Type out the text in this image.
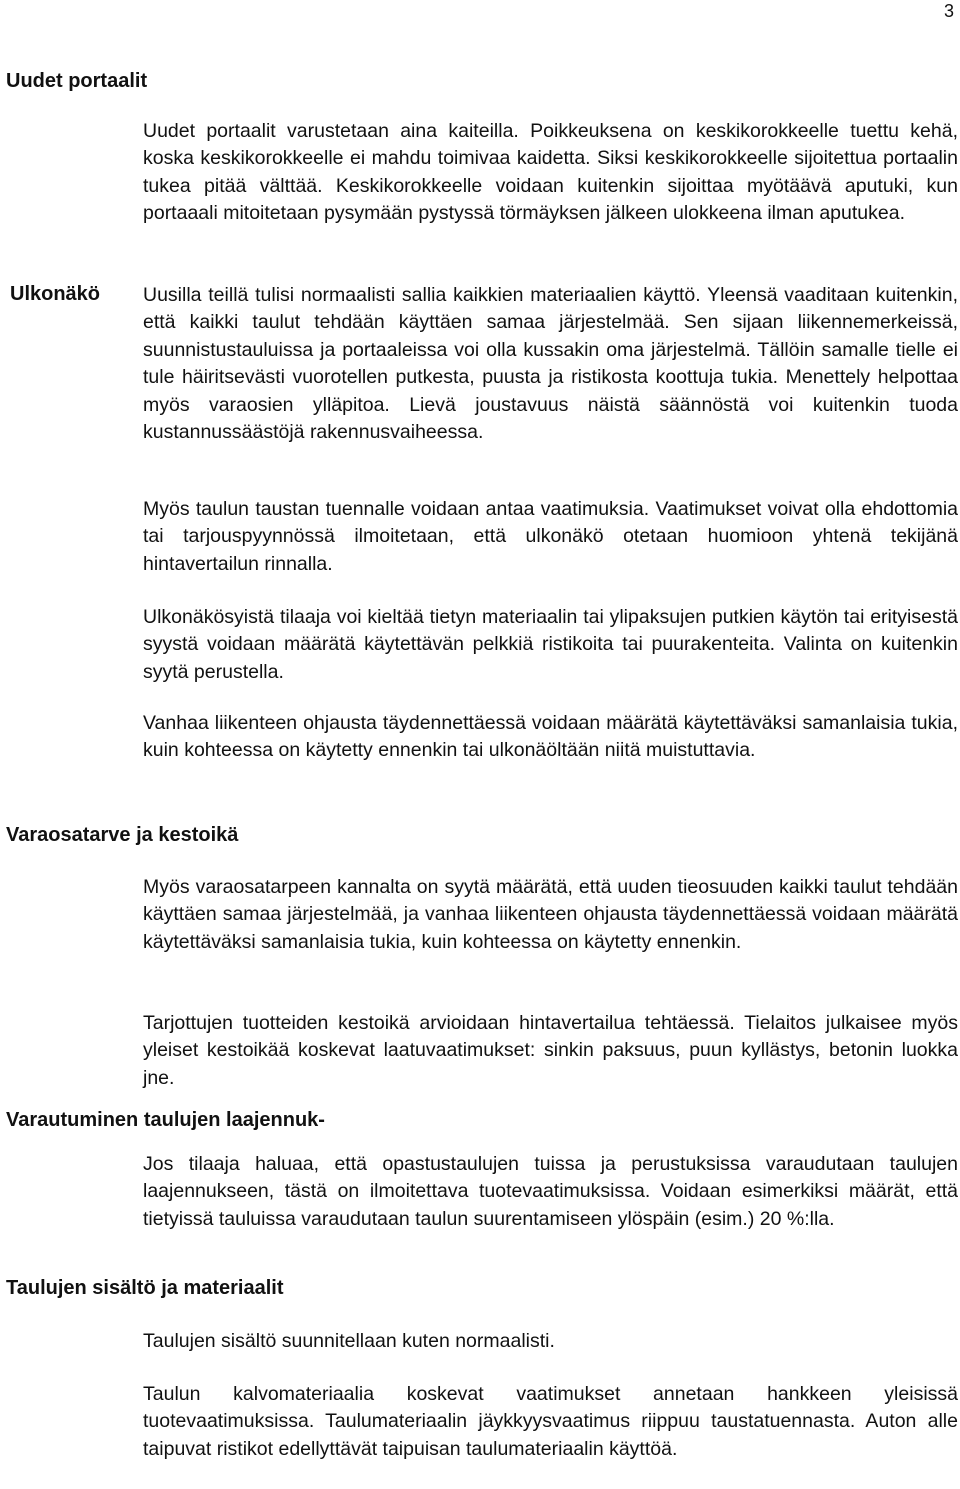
3
Uudet portaalit

Uudet portaalit varustetaan aina kaiteilla. Poikkeuksena on keskikorokkeelle tuettu kehä, koska keskikorokkeelle ei mahdu toimivaa kaidetta. Siksi keskikorokkeelle sijoitettua portaalin tukea pitää välttää. Keskikorokkeelle voidaan kuitenkin sijoittaa myötäävä aputuki, kun portaaali mitoitetaan pysymään pystyssä törmäyksen jälkeen ulokkeena ilman aputukea.

Ulkonäkö Uusilla teillä tulisi normaalisti sallia kaikkien materiaalien käyttö. Yleensä vaaditaan kuitenkin, että kaikki taulut tehdään käyttäen samaa järjestelmää. Sen sijaan liikennemerkeissä, suunnistustauluissa ja portaaleissa voi olla kussakin oma järjestelmä. Tällöin samalle tielle ei tule häiritsevästi vuorotellen putkesta, puusta ja ristikosta koottuja tukia. Menettely helpottaa myös varaosien ylläpitoa. Lievä joustavuus näistä säännöstä voi kuitenkin tuoda kustannussäästöjä rakennusvaiheessa.

Myös taulun taustan tuennalle voidaan antaa vaatimuksia. Vaatimukset voivat olla ehdottomia tai tarjouspyynnössä ilmoitetaan, että ulkonäkö otetaan huomioon yhtenä tekijänä hintavertailun rinnalla.

Ulkonäkösyistä tilaaja voi kieltää tietyn materiaalin tai ylipaksujen putkien käytön tai erityisestä syystä voidaan määrätä käytettävän pelkkiä ristikoita tai puurakenteita. Valinta on kuitenkin syytä perustella.

Vanhaa liikenteen ohjausta täydennettäessä voidaan määrätä käytettäväksi samanlaisia tukia, kuin kohteessa on käytetty ennenkin tai ulkonäöltään niitä muistuttavia.

Varaosatarve ja kestoikä

Myös varaosatarpeen kannalta on syytä määrätä, että uuden tieosuuden kaikki taulut tehdään käyttäen samaa järjestelmää, ja vanhaa liikenteen ohjausta täydennettäessä voidaan määrätä käytettäväksi samanlaisia tukia, kuin kohteessa on käytetty ennenkin.

Tarjottujen tuotteiden kestoikä arvioidaan hintavertailua tehtäessä. Tielaitos julkaisee myös yleiset kestoikää koskevat laatuvaatimukset: sinkin paksuus, puun kyllästys, betonin luokka jne.

Varautuminen taulujen laajennuk-

Jos tilaaja haluaa, että opastustaulujen tuissa ja perustuksissa varaudutaan taulujen laajennukseen, tästä on ilmoitettava tuotevaatimuksissa. Voidaan esimerkiksi määrät, että tietyissä tauluissa varaudutaan taulun suurentamiseen ylöspäin (esim.) 20 %:lla.

Taulujen sisältö ja materiaalit

Taulujen sisältö suunnitellaan kuten normaalisti.

Taulun kalvomateriaalia koskevat vaatimukset annetaan hankkeen yleisissä tuotevaatimuksissa. Taulumateriaalin jäykkyysvaatimus riippuu taustatuennasta. Auton alle taipuvat ristikot edellyttävät taipuisan taulumateriaalin käyttöä.
